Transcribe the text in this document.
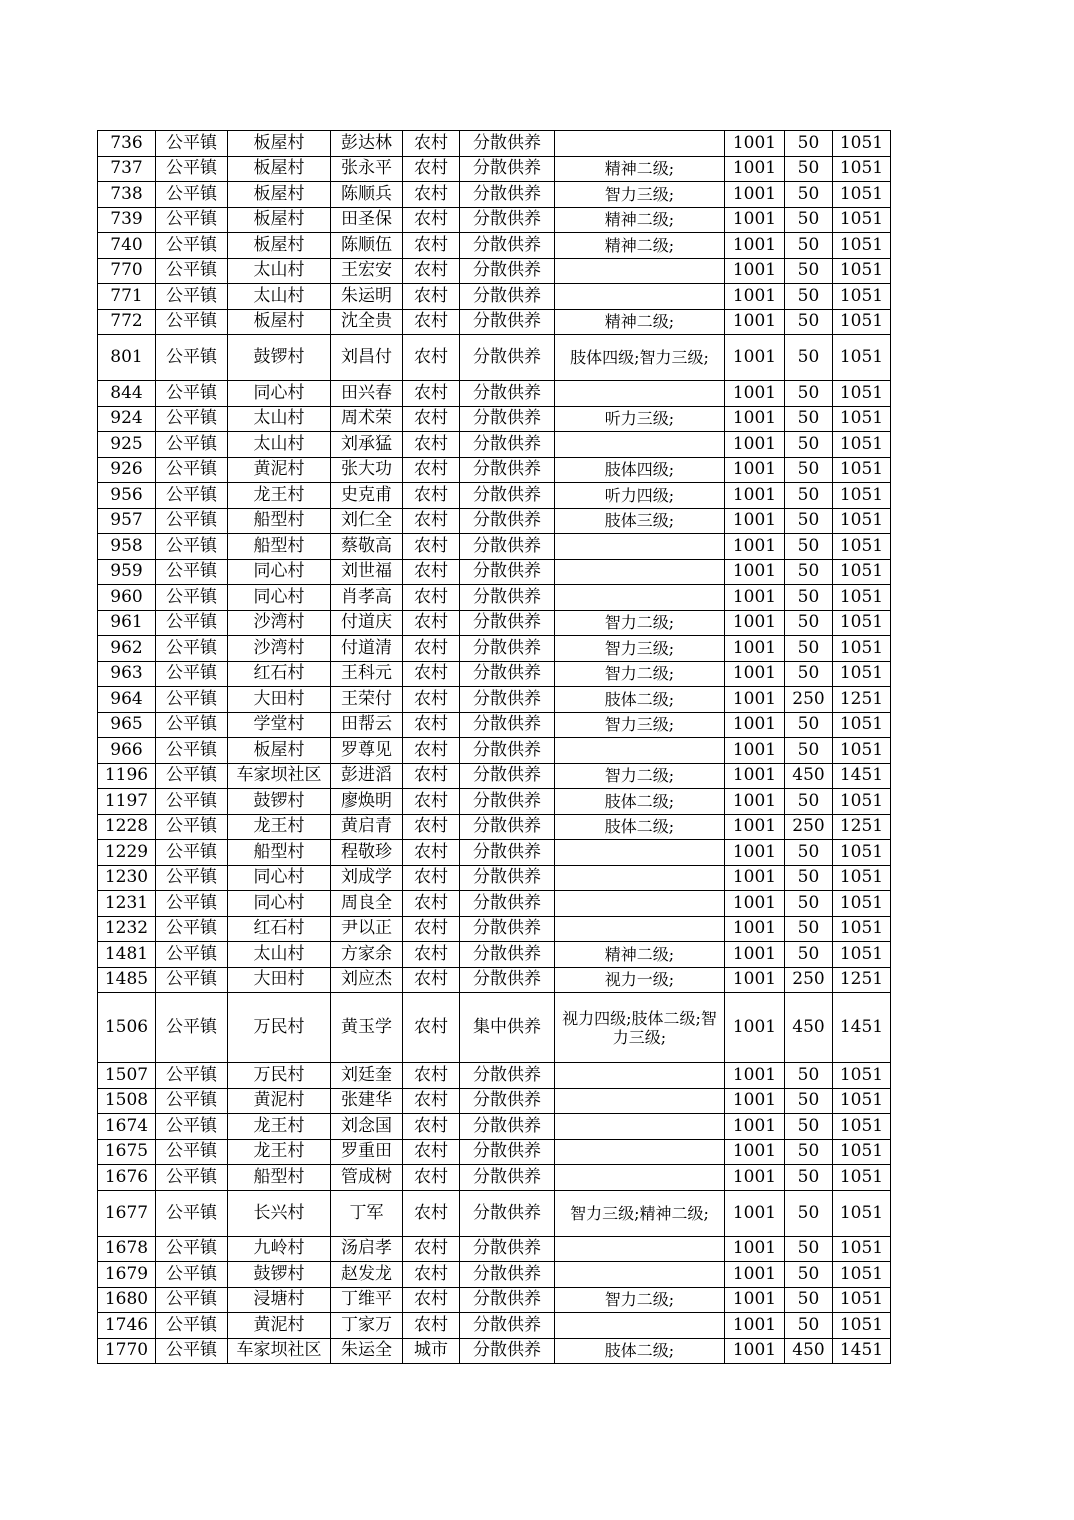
736	公平镇	板屋村	彭达林	农村	分散供养		1001	50	1051
737	公平镇	板屋村	张永平	农村	分散供养	精神二级;	1001	50	1051
738	公平镇	板屋村	陈顺兵	农村	分散供养	智力三级;	1001	50	1051
739	公平镇	板屋村	田圣保	农村	分散供养	精神二级;	1001	50	1051
740	公平镇	板屋村	陈顺伍	农村	分散供养	精神二级;	1001	50	1051
770	公平镇	太山村	王宏安	农村	分散供养		1001	50	1051
771	公平镇	太山村	朱运明	农村	分散供养		1001	50	1051
772	公平镇	板屋村	沈全贵	农村	分散供养	精神二级;	1001	50	1051
801	公平镇	鼓锣村	刘昌付	农村	分散供养	肢体四级;智力三级;	1001	50	1051
844	公平镇	同心村	田兴春	农村	分散供养		1001	50	1051
924	公平镇	太山村	周术荣	农村	分散供养	听力三级;	1001	50	1051
925	公平镇	太山村	刘承猛	农村	分散供养		1001	50	1051
926	公平镇	黄泥村	张大功	农村	分散供养	肢体四级;	1001	50	1051
956	公平镇	龙王村	史克甫	农村	分散供养	听力四级;	1001	50	1051
957	公平镇	船型村	刘仁全	农村	分散供养	肢体三级;	1001	50	1051
958	公平镇	船型村	蔡敬高	农村	分散供养		1001	50	1051
959	公平镇	同心村	刘世福	农村	分散供养		1001	50	1051
960	公平镇	同心村	肖孝高	农村	分散供养		1001	50	1051
961	公平镇	沙湾村	付道庆	农村	分散供养	智力二级;	1001	50	1051
962	公平镇	沙湾村	付道清	农村	分散供养	智力三级;	1001	50	1051
963	公平镇	红石村	王科元	农村	分散供养	智力二级;	1001	50	1051
964	公平镇	大田村	王荣付	农村	分散供养	肢体二级;	1001	250	1251
965	公平镇	学堂村	田帮云	农村	分散供养	智力三级;	1001	50	1051
966	公平镇	板屋村	罗尊见	农村	分散供养		1001	50	1051
1196	公平镇	车家坝社区	彭进滔	农村	分散供养	智力二级;	1001	450	1451
1197	公平镇	鼓锣村	廖焕明	农村	分散供养	肢体二级;	1001	50	1051
1228	公平镇	龙王村	黄启青	农村	分散供养	肢体二级;	1001	250	1251
1229	公平镇	船型村	程敬珍	农村	分散供养		1001	50	1051
1230	公平镇	同心村	刘成学	农村	分散供养		1001	50	1051
1231	公平镇	同心村	周良全	农村	分散供养		1001	50	1051
1232	公平镇	红石村	尹以正	农村	分散供养		1001	50	1051
1481	公平镇	太山村	方家余	农村	分散供养	精神二级;	1001	50	1051
1485	公平镇	大田村	刘应杰	农村	分散供养	视力一级;	1001	250	1251
1506	公平镇	万民村	黄玉学	农村	集中供养	视力四级;肢体二级;智力三级;	1001	450	1451
1507	公平镇	万民村	刘廷奎	农村	分散供养		1001	50	1051
1508	公平镇	黄泥村	张建华	农村	分散供养		1001	50	1051
1674	公平镇	龙王村	刘念国	农村	分散供养		1001	50	1051
1675	公平镇	龙王村	罗重田	农村	分散供养		1001	50	1051
1676	公平镇	船型村	管成树	农村	分散供养		1001	50	1051
1677	公平镇	长兴村	丁军	农村	分散供养	智力三级;精神二级;	1001	50	1051
1678	公平镇	九岭村	汤启孝	农村	分散供养		1001	50	1051
1679	公平镇	鼓锣村	赵发龙	农村	分散供养		1001	50	1051
1680	公平镇	浸塘村	丁维平	农村	分散供养	智力二级;	1001	50	1051
1746	公平镇	黄泥村	丁家万	农村	分散供养		1001	50	1051
1770	公平镇	车家坝社区	朱运全	城市	分散供养	肢体二级;	1001	450	1451
